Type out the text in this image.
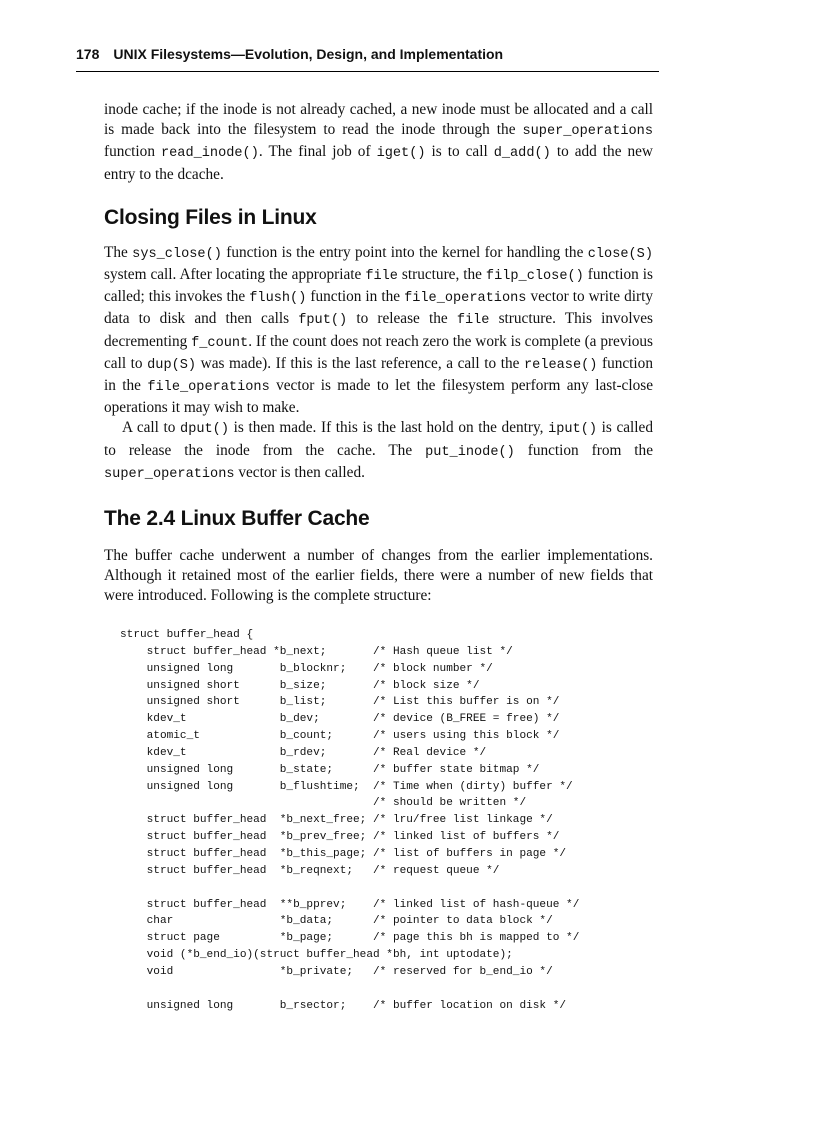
178 UNIX Filesystems—Evolution, Design, and Implementation

inode cache; if the inode is not already cached, a new inode must be allocated and a call is made back into the filesystem to read the inode through the super_operations function read_inode(). The final job of iget() is to call d_add() to add the new entry to the dcache.

Closing Files in Linux

The sys_close() function is the entry point into the kernel for handling the close(S) system call. After locating the appropriate file structure, the filp_close() function is called; this invokes the flush() function in the file_operations vector to write dirty data to disk and then calls fput() to release the file structure. This involves decrementing f_count. If the count does not reach zero the work is complete (a previous call to dup(S) was made). If this is the last reference, a call to the release() function in the file_operations vector is made to let the filesystem perform any last-close operations it may wish to make.

A call to dput() is then made. If this is the last hold on the dentry, iput() is called to release the inode from the cache. The put_inode() function from the super_operations vector is then called.

The 2.4 Linux Buffer Cache

The buffer cache underwent a number of changes from the earlier implementations. Although it retained most of the earlier fields, there were a number of new fields that were introduced. Following is the complete structure:

struct buffer_head {
struct buffer_head *b_next;       /* Hash queue list */
unsigned long       b_blocknr;    /* block number */
unsigned short      b_size;       /* block size */
unsigned short      b_list;       /* List this buffer is on */
kdev_t              b_dev;        /* device (B_FREE = free) */
atomic_t            b_count;      /* users using this block */
kdev_t              b_rdev;       /* Real device */
unsigned long       b_state;      /* buffer state bitmap */
unsigned long       b_flushtime;  /* Time when (dirty) buffer */
/* should be written */
struct buffer_head  *b_next_free; /* lru/free list linkage */
struct buffer_head  *b_prev_free; /* linked list of buffers */
struct buffer_head  *b_this_page; /* list of buffers in page */
struct buffer_head  *b_reqnext;   /* request queue */

struct buffer_head  **b_pprev;    /* linked list of hash-queue */
char                *b_data;      /* pointer to data block */
struct page         *b_page;      /* page this bh is mapped to */
void (*b_end_io)(struct buffer_head *bh, int uptodate);
void                *b_private;   /* reserved for b_end_io */

unsigned long       b_rsector;    /* buffer location on disk */
